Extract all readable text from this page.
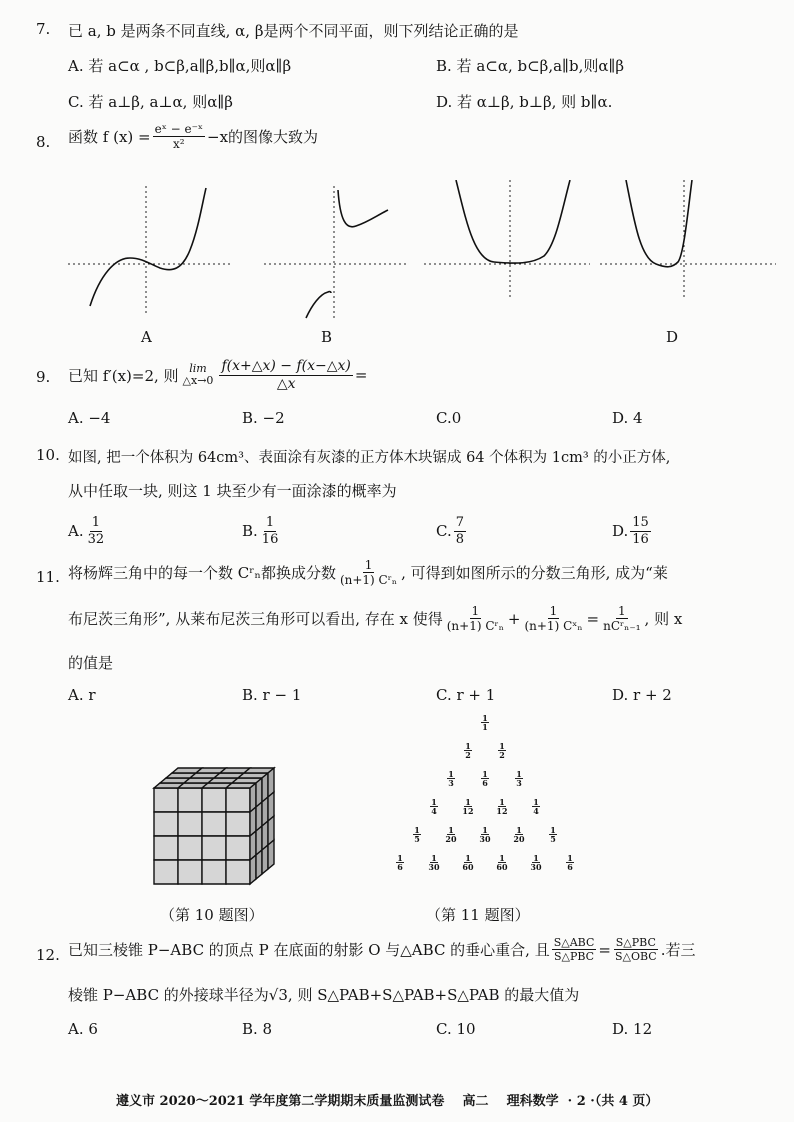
7. 已 a, b 是两条不同直线, α, β是两个不同平面，则下列结论正确的是
A. 若 a⊂α , b⊂β,a∥β,b∥α,则α∥β	B. 若 a⊂α, b⊂β,a∥b,则α∥β
C. 若 a⊥β, a⊥α, 则α∥β	D. 若 α⊥β, b⊥β, 则 b∥α.
8. 函数 f $(x) = \frac{\text{eˣ − e⁻ˣ}}{\text{x²}} -x$的图像大致为
A	B	D
9. 已知 f′(x)=2, 则 lim
△x→0 $\frac{f(x+\triangle x) - f(x-\triangle x)}{\triangle x}$ =
A. −4	B. −2	C.0	D. 4
10. 如图, 把一个体积为 64cm³、表面涂有灰漆的正方体木块锯成 64 个体积为 1cm³ 的小正方体,
从中任取一块, 则这 1 块至少有一面涂漆的概率为
A. $\frac{1}{32}$	B. $\frac{1}{16}$	C. $\frac{7}{8}$	D. $\frac{15}{16}$
11. 将杨辉三角中的每一个数 Cʳₙ都换成分数 $\frac{1}{\text{(n+1) Cʳₙ}}$ , 可得到如图所示的分数三角形, 成为“莱
布尼茨三角形”, 从莱布尼茨三角形可以看出, 存在 x 使得 $\frac{1}{\text{(n+1) Cʳₙ}} + \frac{1}{\text{(n+1) Cˣₙ}} = \frac{1}{\text{nCʳₙ₋₁}}$ , 则 x
的值是
A. r	B. r − 1	C. r + 1	D. r + 2
（第 10 题图）
1
1
1
2
1
2
1
3
1
6
1
3
1
4
1
12
1
12
1
4
1
5
1
20
1
30
1
20
1
5
1
6
1
30
1
60
1
60
1
30
1
6
（第 11 题图）
12. 已知三棱锥 P−ABC 的顶点 P 在底面的射影 O 与△ABC 的垂心重合, 且 $\frac{\text{S△ABC}}{\text{S△PBC}} = \frac{\text{S△PBC}}{\text{S△OBC}}$ .若三
棱锥 P−ABC 的外接球半径为√3, 则 S△PAB+S△PAB+S△PAB 的最大值为
A. 6	B. 8	C. 10	D. 12
遵义市 2020～2021 学年度第二学期期末质量监测试卷    高二    理科数学  · 2 ·（共 4 页）
